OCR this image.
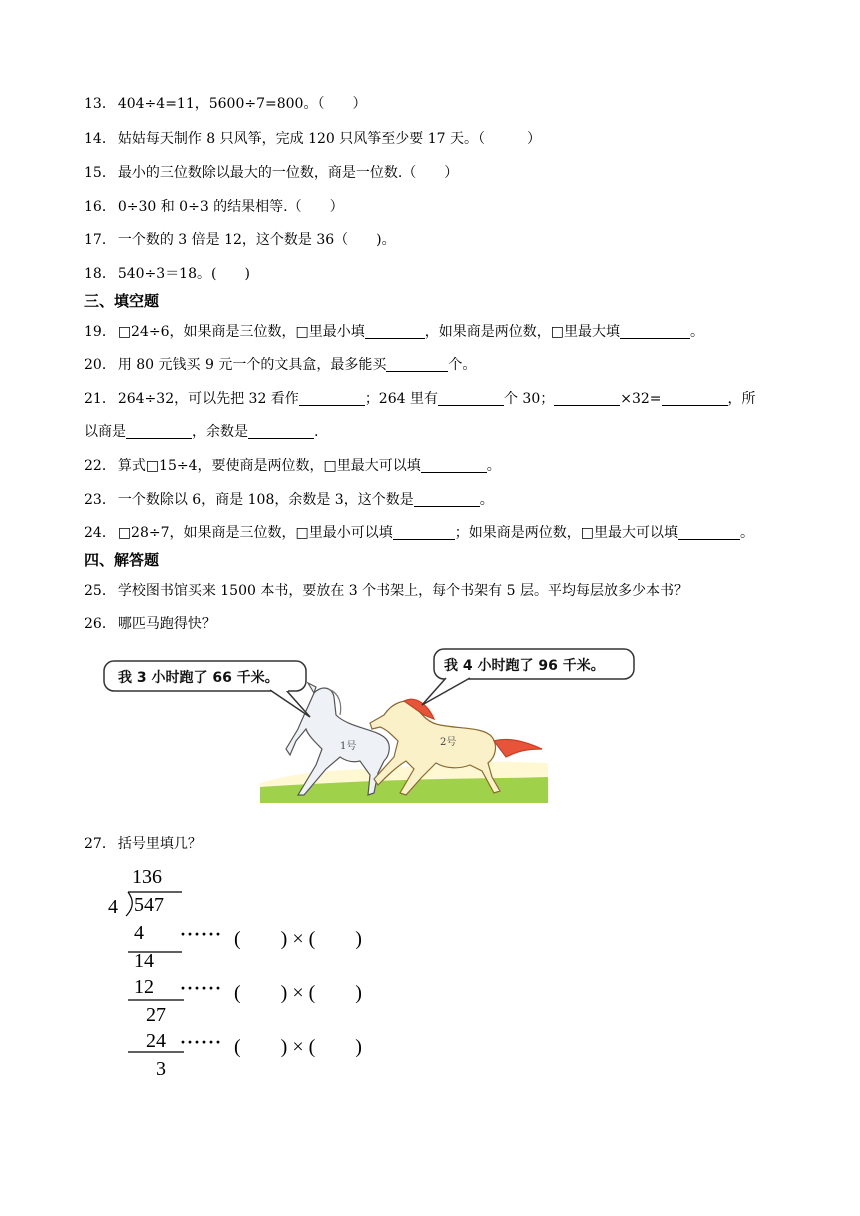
13． 404÷4=11，5600÷7=800。（　　）
14． 姑姑每天制作 8 只风筝，完成 120 只风筝至少要 17 天。（　　　）
15． 最小的三位数除以最大的一位数，商是一位数.（　　）
16． 0÷30 和 0÷3 的结果相等.（　　）
17． 一个数的 3 倍是 12，这个数是 36（　　)。
18． 540÷3＝18。(　　)
三、填空题
19． □24÷6，如果商是三位数，□里最小填	，如果商是两位数，□里最大填	。
20． 用 80 元钱买 9 元一个的文具盒，最多能买	个。
21． 264÷32，可以先把 32 看作	；264 里有	个 30；	×32=	，所
以商是	，余数是	.
22． 算式□15÷4，要使商是两位数，□里最大可以填	。
23． 一个数除以 6，商是 108，余数是 3，这个数是	。
24． □28÷7，如果商是三位数，□里最小可以填	；如果商是两位数，□里最大可以填	。
四、解答题
25． 学校图书馆买来 1500 本书，要放在 3 个书架上，每个书架有 5 层。平均每层放多少本书？
26． 哪匹马跑得快？
1号	2号
我 3 小时跑了 66 千米。
我 4 小时跑了 96 千米。
27． 括号里填几？
136
4 547
4 ······ (　　) × (　　)
14
12 ······ (　　) × (　　)
27
24 ······ (　　) × (　　)
3
